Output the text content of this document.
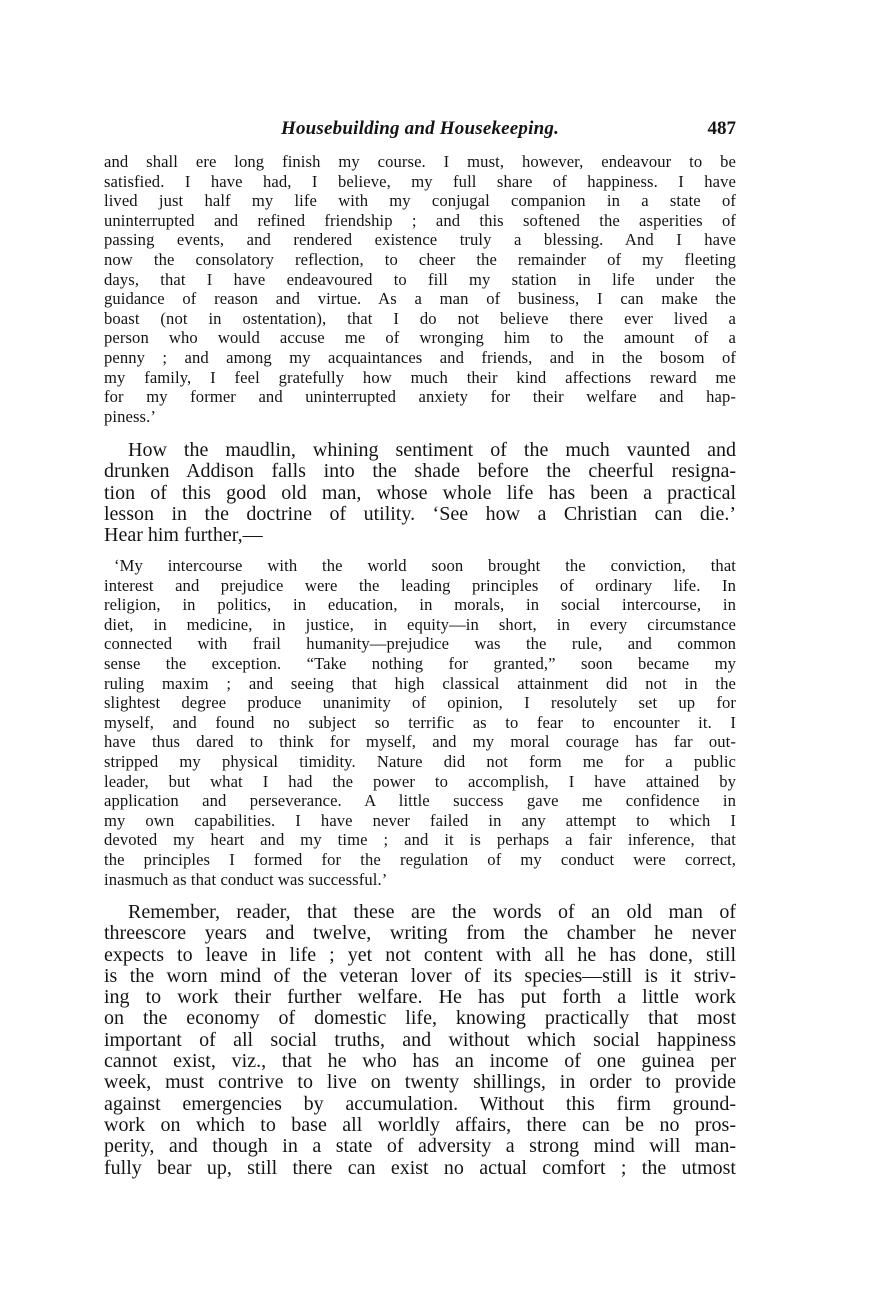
Housebuilding and Housekeeping.	487
and shall ere long finish my course. I must, however, endeavour to be
satisfied. I have had, I believe, my full share of happiness. I have
lived just half my life with my conjugal companion in a state of
uninterrupted and refined friendship ; and this softened the asperities of
passing events, and rendered existence truly a blessing. And I have
now the consolatory reflection, to cheer the remainder of my fleeting
days, that I have endeavoured to fill my station in life under the
guidance of reason and virtue. As a man of business, I can make the
boast (not in ostentation), that I do not believe there ever lived a
person who would accuse me of wronging him to the amount of a
penny ; and among my acquaintances and friends, and in the bosom of
my family, I feel gratefully how much their kind affections reward me
for my former and uninterrupted anxiety for their welfare and hap-
piness.’
How the maudlin, whining sentiment of the much vaunted and
drunken Addison falls into the shade before the cheerful resigna-
tion of this good old man, whose whole life has been a practical
lesson in the doctrine of utility. ‘See how a Christian can die.’
Hear him further,—
‘My intercourse with the world soon brought the conviction, that
interest and prejudice were the leading principles of ordinary life. In
religion, in politics, in education, in morals, in social intercourse, in
diet, in medicine, in justice, in equity—in short, in every circumstance
connected with frail humanity—prejudice was the rule, and common
sense the exception. “Take nothing for granted,” soon became my
ruling maxim ; and seeing that high classical attainment did not in the
slightest degree produce unanimity of opinion, I resolutely set up for
myself, and found no subject so terrific as to fear to encounter it. I
have thus dared to think for myself, and my moral courage has far out-
stripped my physical timidity. Nature did not form me for a public
leader, but what I had the power to accomplish, I have attained by
application and perseverance. A little success gave me confidence in
my own capabilities. I have never failed in any attempt to which I
devoted my heart and my time ; and it is perhaps a fair inference, that
the principles I formed for the regulation of my conduct were correct,
inasmuch as that conduct was successful.’
Remember, reader, that these are the words of an old man of
threescore years and twelve, writing from the chamber he never
expects to leave in life ; yet not content with all he has done, still
is the worn mind of the veteran lover of its species—still is it striv-
ing to work their further welfare. He has put forth a little work
on the economy of domestic life, knowing practically that most
important of all social truths, and without which social happiness
cannot exist, viz., that he who has an income of one guinea per
week, must contrive to live on twenty shillings, in order to provide
against emergencies by accumulation. Without this firm ground-
work on which to base all worldly affairs, there can be no pros-
perity, and though in a state of adversity a strong mind will man-
fully bear up, still there can exist no actual comfort ; the utmost
